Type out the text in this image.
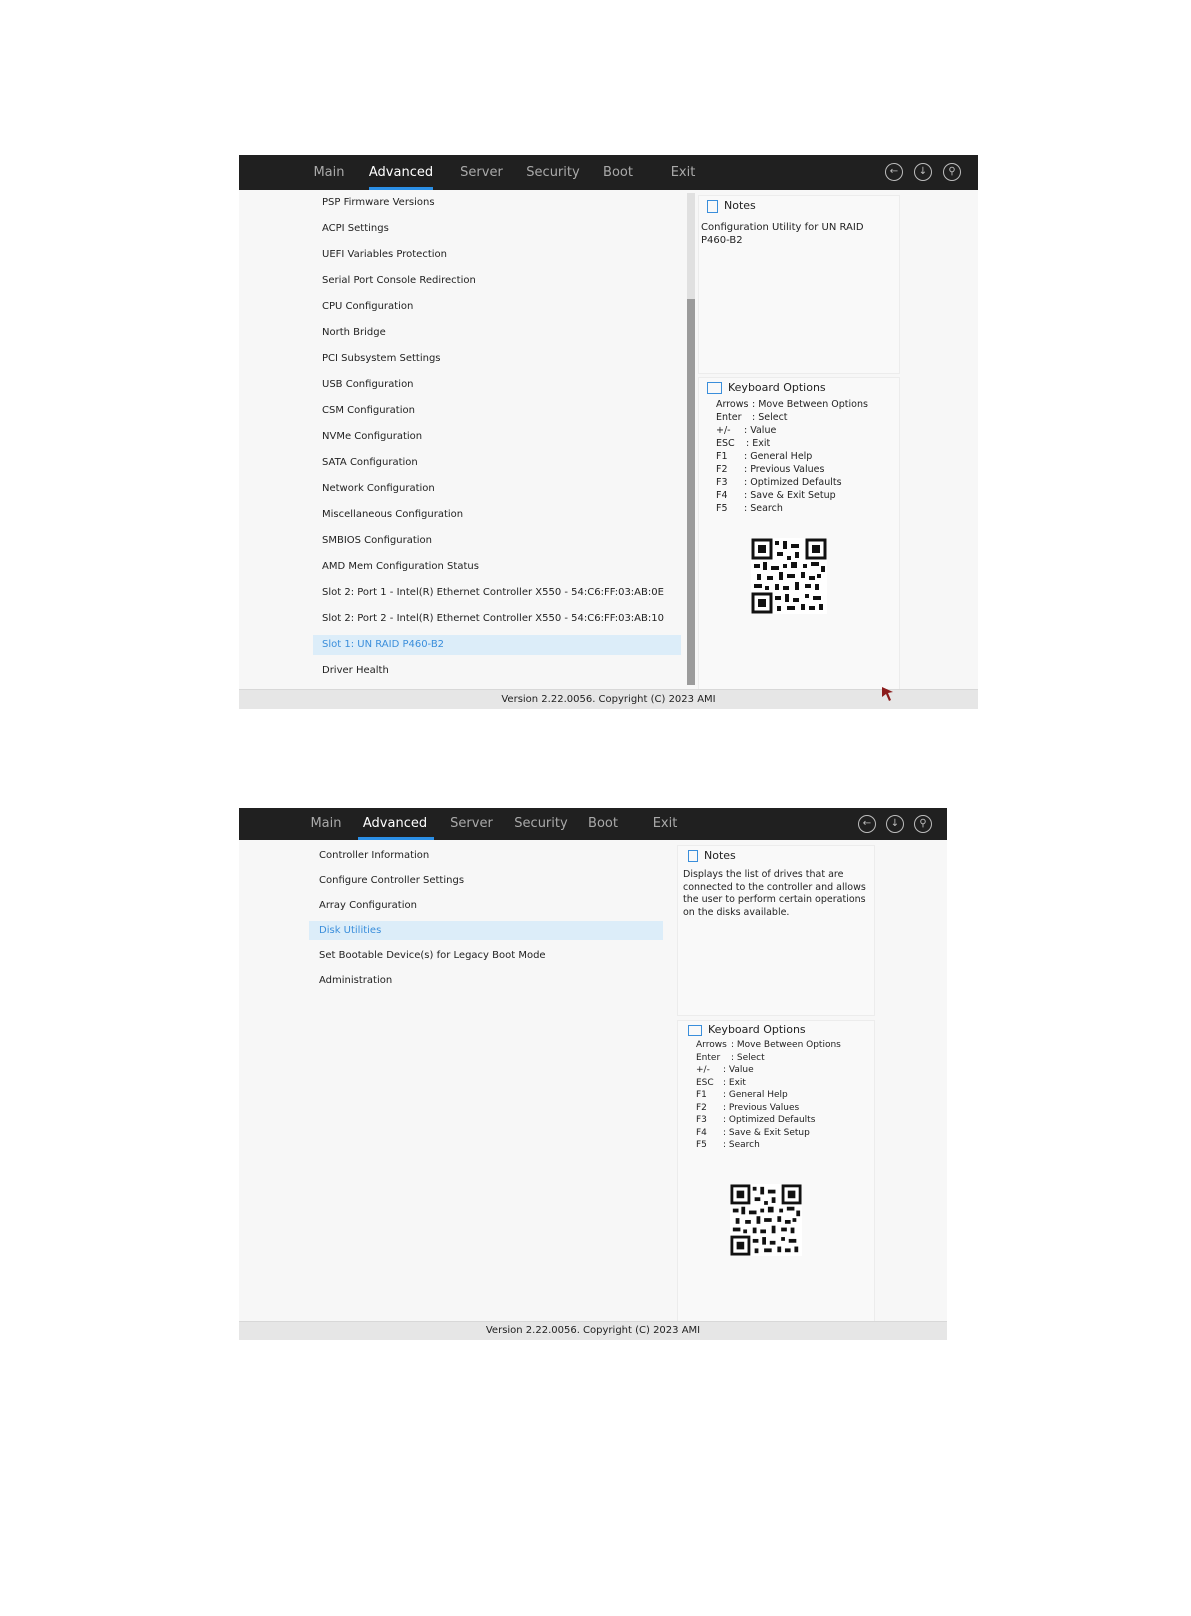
Main	Advanced	Server	Security	Boot	Exit	←	↓	⚲
PSP Firmware Versions
ACPI Settings
UEFI Variables Protection
Serial Port Console Redirection
CPU Configuration
North Bridge
PCI Subsystem Settings
USB Configuration
CSM Configuration
NVMe Configuration
SATA Configuration
Network Configuration
Miscellaneous Configuration
SMBIOS Configuration
AMD Mem Configuration Status
Slot 2: Port 1 - Intel(R) Ethernet Controller X550 - 54:C6:FF:03:AB:0E
Slot 2: Port 2 - Intel(R) Ethernet Controller X550 - 54:C6:FF:03:AB:10
Slot 1: UN RAID P460-B2
Driver Health
Notes
Configuration Utility for UN RAID P460-B2
Keyboard Options
Arrows : Move Between Options
Enter : Select
+/- : Value
ESC : Exit
F1 : General Help
F2 : Previous Values
F3 : Optimized Defaults
F4 : Save & Exit Setup
F5 : Search
Version 2.22.0056. Copyright (C) 2023 AMI
Main	Advanced	Server	Security	Boot	Exit	←	↓	⚲
Controller Information
Configure Controller Settings
Array Configuration
Disk Utilities
Set Bootable Device(s) for Legacy Boot Mode
Administration
Notes
Displays the list of drives that are connected to the controller and allows the user to perform certain operations on the disks available.
Keyboard Options
Arrows : Move Between Options
Enter : Select
+/- : Value
ESC : Exit
F1 : General Help
F2 : Previous Values
F3 : Optimized Defaults
F4 : Save & Exit Setup
F5 : Search
Version 2.22.0056. Copyright (C) 2023 AMI
